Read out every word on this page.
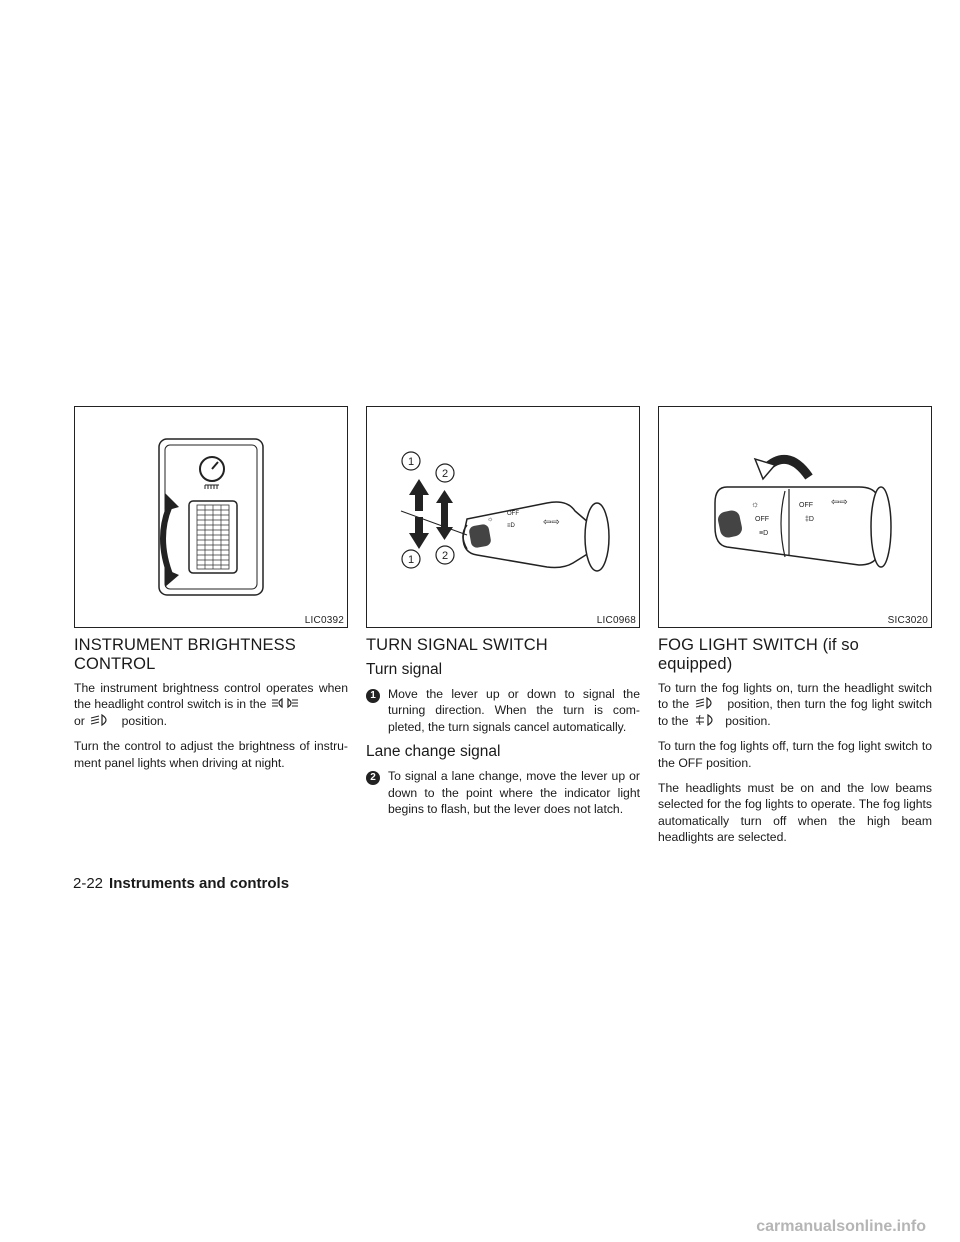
LIC0392
INSTRUMENT BRIGHTNESS CONTROL

The instrument brightness control operates when the headlight control switch is in the
or	position.

Turn the control to adjust the brightness of instru- ment panel lights when driving at night.

☼
OFF
≡D	⇦⇨
1
2
1	2
LIC0968
TURN SIGNAL SWITCH
Turn signal
1	Move the lever up or down to signal the turning direction. When the turn is com- pleted, the turn signals cancel automatically.
Lane change signal
2	To signal a lane change, move the lever up or down to the point where the indicator light begins to flash, but the lever does not latch.
☼
OFF
≡D
OFF
‡D
⇦⇨
SIC3020
FOG LIGHT SWITCH (if so equipped)

To turn the fog lights on, turn the headlight switch to the	position, then turn the fog light switch to the	position.

To turn the fog lights off, turn the fog light switch to the OFF position.

The headlights must be on and the low beams selected for the fog lights to operate. The fog lights automatically turn off when the high beam headlights are selected.

2-22 Instruments and controls
carmanualsonline.info
